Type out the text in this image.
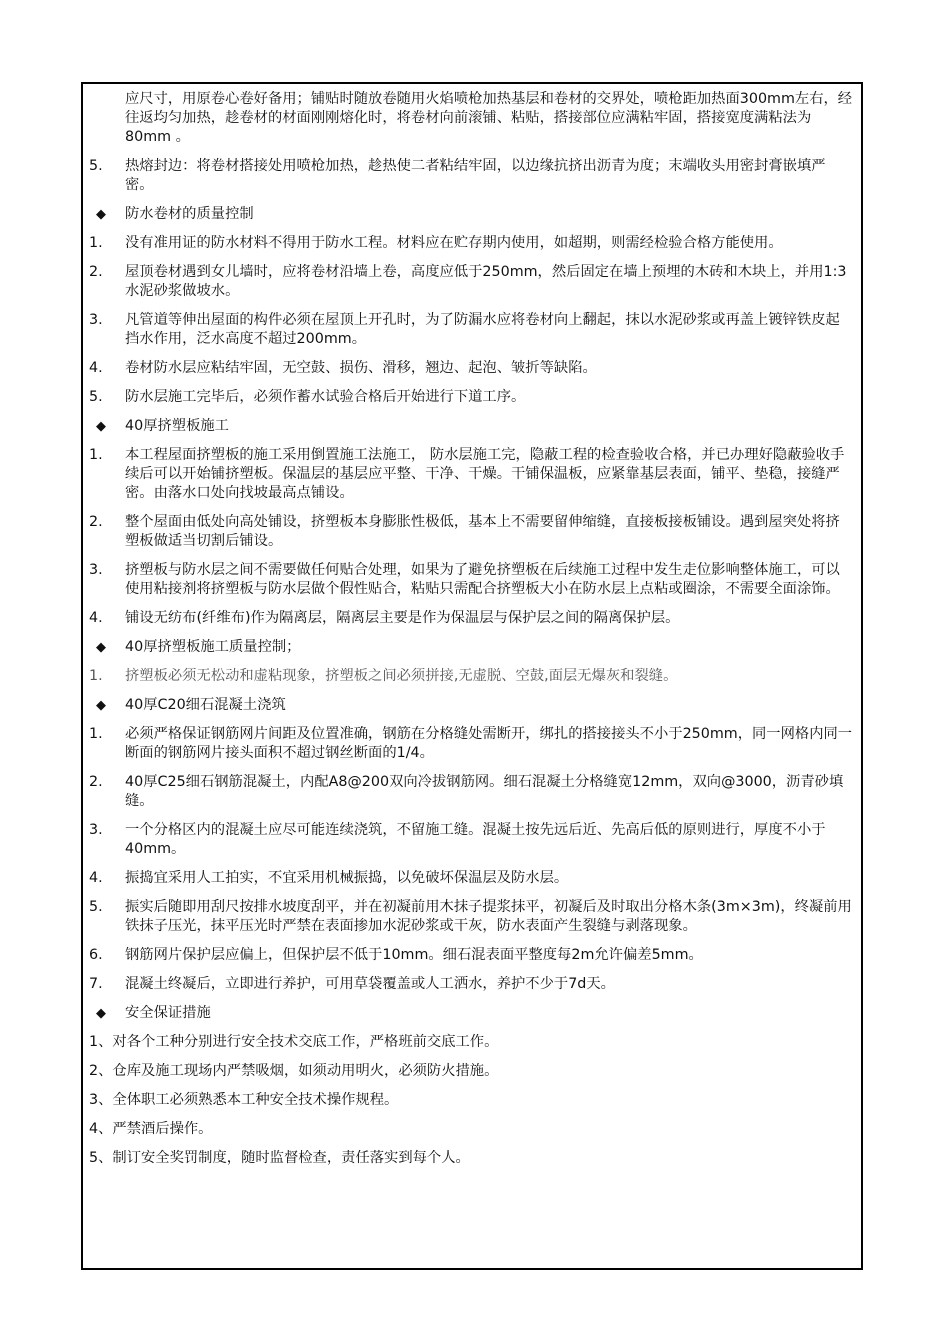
应尺寸，用原卷心卷好备用；铺贴时随放卷随用火焰喷枪加热基层和卷材的交界处，喷枪距加热面300mm左右，经往返均匀加热，趁卷材的材面刚刚熔化时，将卷材向前滚铺、粘贴，搭接部位应满粘牢固，搭接宽度满粘法为80mm 。
5.	热熔封边：将卷材搭接处用喷枪加热，趁热使二者粘结牢固，以边缘抗挤出沥青为度；末端收头用密封膏嵌填严密。
◆ 防水卷材的质量控制
1.	没有准用证的防水材料不得用于防水工程。材料应在贮存期内使用，如超期，则需经检验合格方能使用。
2.	屋顶卷材遇到女儿墙时，应将卷材沿墙上卷，高度应低于250mm，然后固定在墙上预埋的木砖和木块上，并用1:3水泥砂浆做坡水。
3.	凡管道等伸出屋面的构件必须在屋顶上开孔时，为了防漏水应将卷材向上翻起，抹以水泥砂浆或再盖上镀锌铁皮起挡水作用，泛水高度不超过200mm。
4.	卷材防水层应粘结牢固，无空鼓、损伤、滑移，翘边、起泡、皱折等缺陷。
5.	防水层施工完毕后，必须作蓄水试验合格后开始进行下道工序。
◆ 40厚挤塑板施工
1.	本工程屋面挤塑板的施工采用倒置施工法施工， 防水层施工完，隐蔽工程的检查验收合格，并已办理好隐蔽验收手续后可以开始铺挤塑板。保温层的基层应平整、干净、干燥。干铺保温板，应紧靠基层表面，铺平、垫稳，接缝严密。由落水口处向找坡最高点铺设。
2.	整个屋面由低处向高处铺设，挤塑板本身膨胀性极低，基本上不需要留伸缩缝，直接板接板铺设。遇到屋突处将挤塑板做适当切割后铺设。
3.	挤塑板与防水层之间不需要做任何贴合处理，如果为了避免挤塑板在后续施工过程中发生走位影响整体施工，可以使用粘接剂将挤塑板与防水层做个假性贴合，粘贴只需配合挤塑板大小在防水层上点粘或圈涂，不需要全面涂饰。
4.	铺设无纺布(纤维布)作为隔离层，隔离层主要是作为保温层与保护层之间的隔离保护层。
◆ 40厚挤塑板施工质量控制；
1.	挤塑板必须无松动和虚粘现象，挤塑板之间必须拼接,无虚脱、空鼓,面层无爆灰和裂缝。
◆ 40厚C20细石混凝土浇筑
1.	必须严格保证钢筋网片间距及位置准确，钢筋在分格缝处需断开，绑扎的搭接接头不小于250mm，同一网格内同一断面的钢筋网片接头面积不超过钢丝断面的1/4。
2.	40厚C25细石钢筋混凝土，内配A8@200双向冷拔钢筋网。细石混凝土分格缝宽12mm，双向@3000，沥青砂填缝。
3.	一个分格区内的混凝土应尽可能连续浇筑，不留施工缝。混凝土按先远后近、先高后低的原则进行，厚度不小于40mm。
4.	振捣宜采用人工拍实，不宜采用机械振捣，以免破坏保温层及防水层。
5.	振实后随即用刮尺按排水坡度刮平，并在初凝前用木抹子提浆抹平，初凝后及时取出分格木条(3m×3m)，终凝前用铁抹子压光，抹平压光时严禁在表面掺加水泥砂浆或干灰，防水表面产生裂缝与剥落现象。
6.	钢筋网片保护层应偏上，但保护层不低于10mm。细石混表面平整度每2m允许偏差5mm。
7.	混凝土终凝后，立即进行养护，可用草袋覆盖或人工洒水，养护不少于7d天。
◆ 安全保证措施
1、对各个工种分别进行安全技术交底工作，严格班前交底工作。
2、仓库及施工现场内严禁吸烟，如须动用明火，必须防火措施。
3、全体职工必须熟悉本工种安全技术操作规程。
4、严禁酒后操作。
5、制订安全奖罚制度，随时监督检查，责任落实到每个人。
